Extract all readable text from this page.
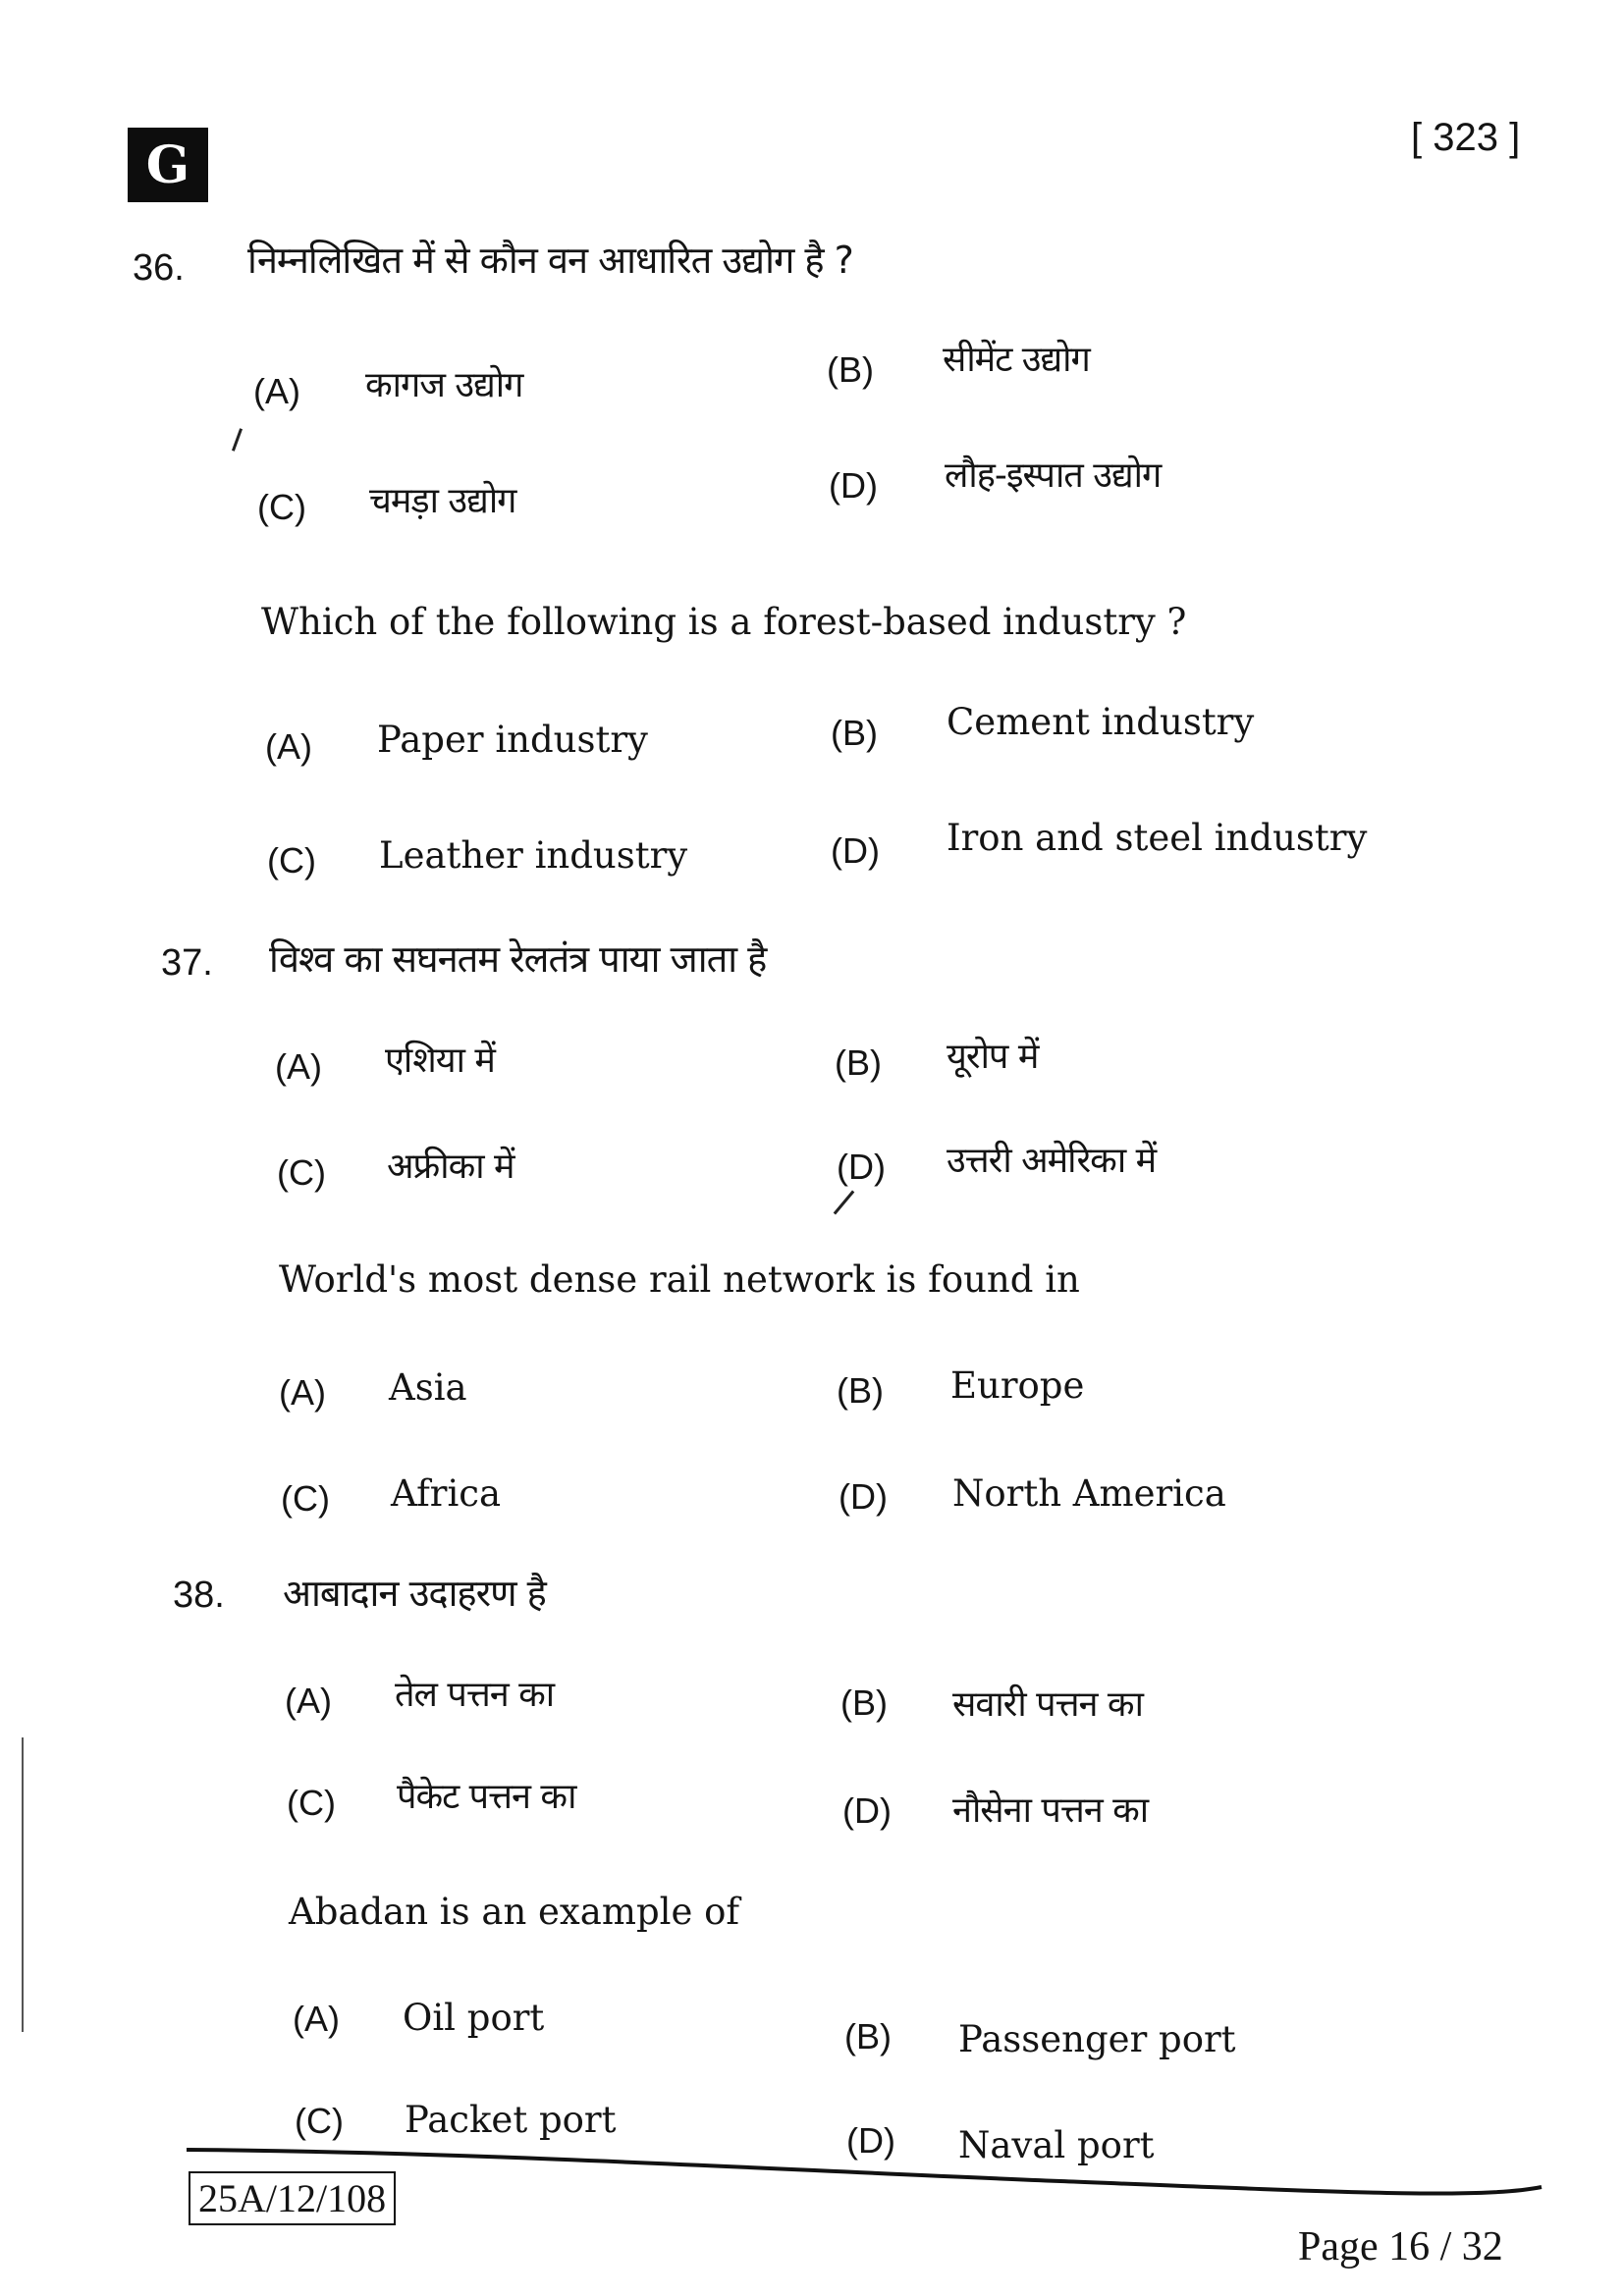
G	[ 323 ]
36. निम्नलिखित में से कौन वन आधारित उद्योग है ?
(A) कागज उद्योग	(B) सीमेंट उद्योग
(C) चमड़ा उद्योग	(D) लौह-इस्पात उद्योग
Which of the following is a forest-based industry ?
(A) Paper industry	(B) Cement industry
(C) Leather industry	(D) Iron and steel industry
37. विश्व का सघनतम रेलतंत्र पाया जाता है
(A) एशिया में	(B) यूरोप में
(C) अफ्रीका में	(D) उत्तरी अमेरिका में
World's most dense rail network is found in
(A) Asia	(B) Europe
(C) Africa	(D) North America
38. आबादान उदाहरण है
(A) तेल पत्तन का	(B) सवारी पत्तन का
(C) पैकेट पत्तन का	(D) नौसेना पत्तन का
Abadan is an example of
(A) Oil port	(B) Passenger port
(C) Packet port	(D) Naval port
25A/12/108
Page 16 / 32
